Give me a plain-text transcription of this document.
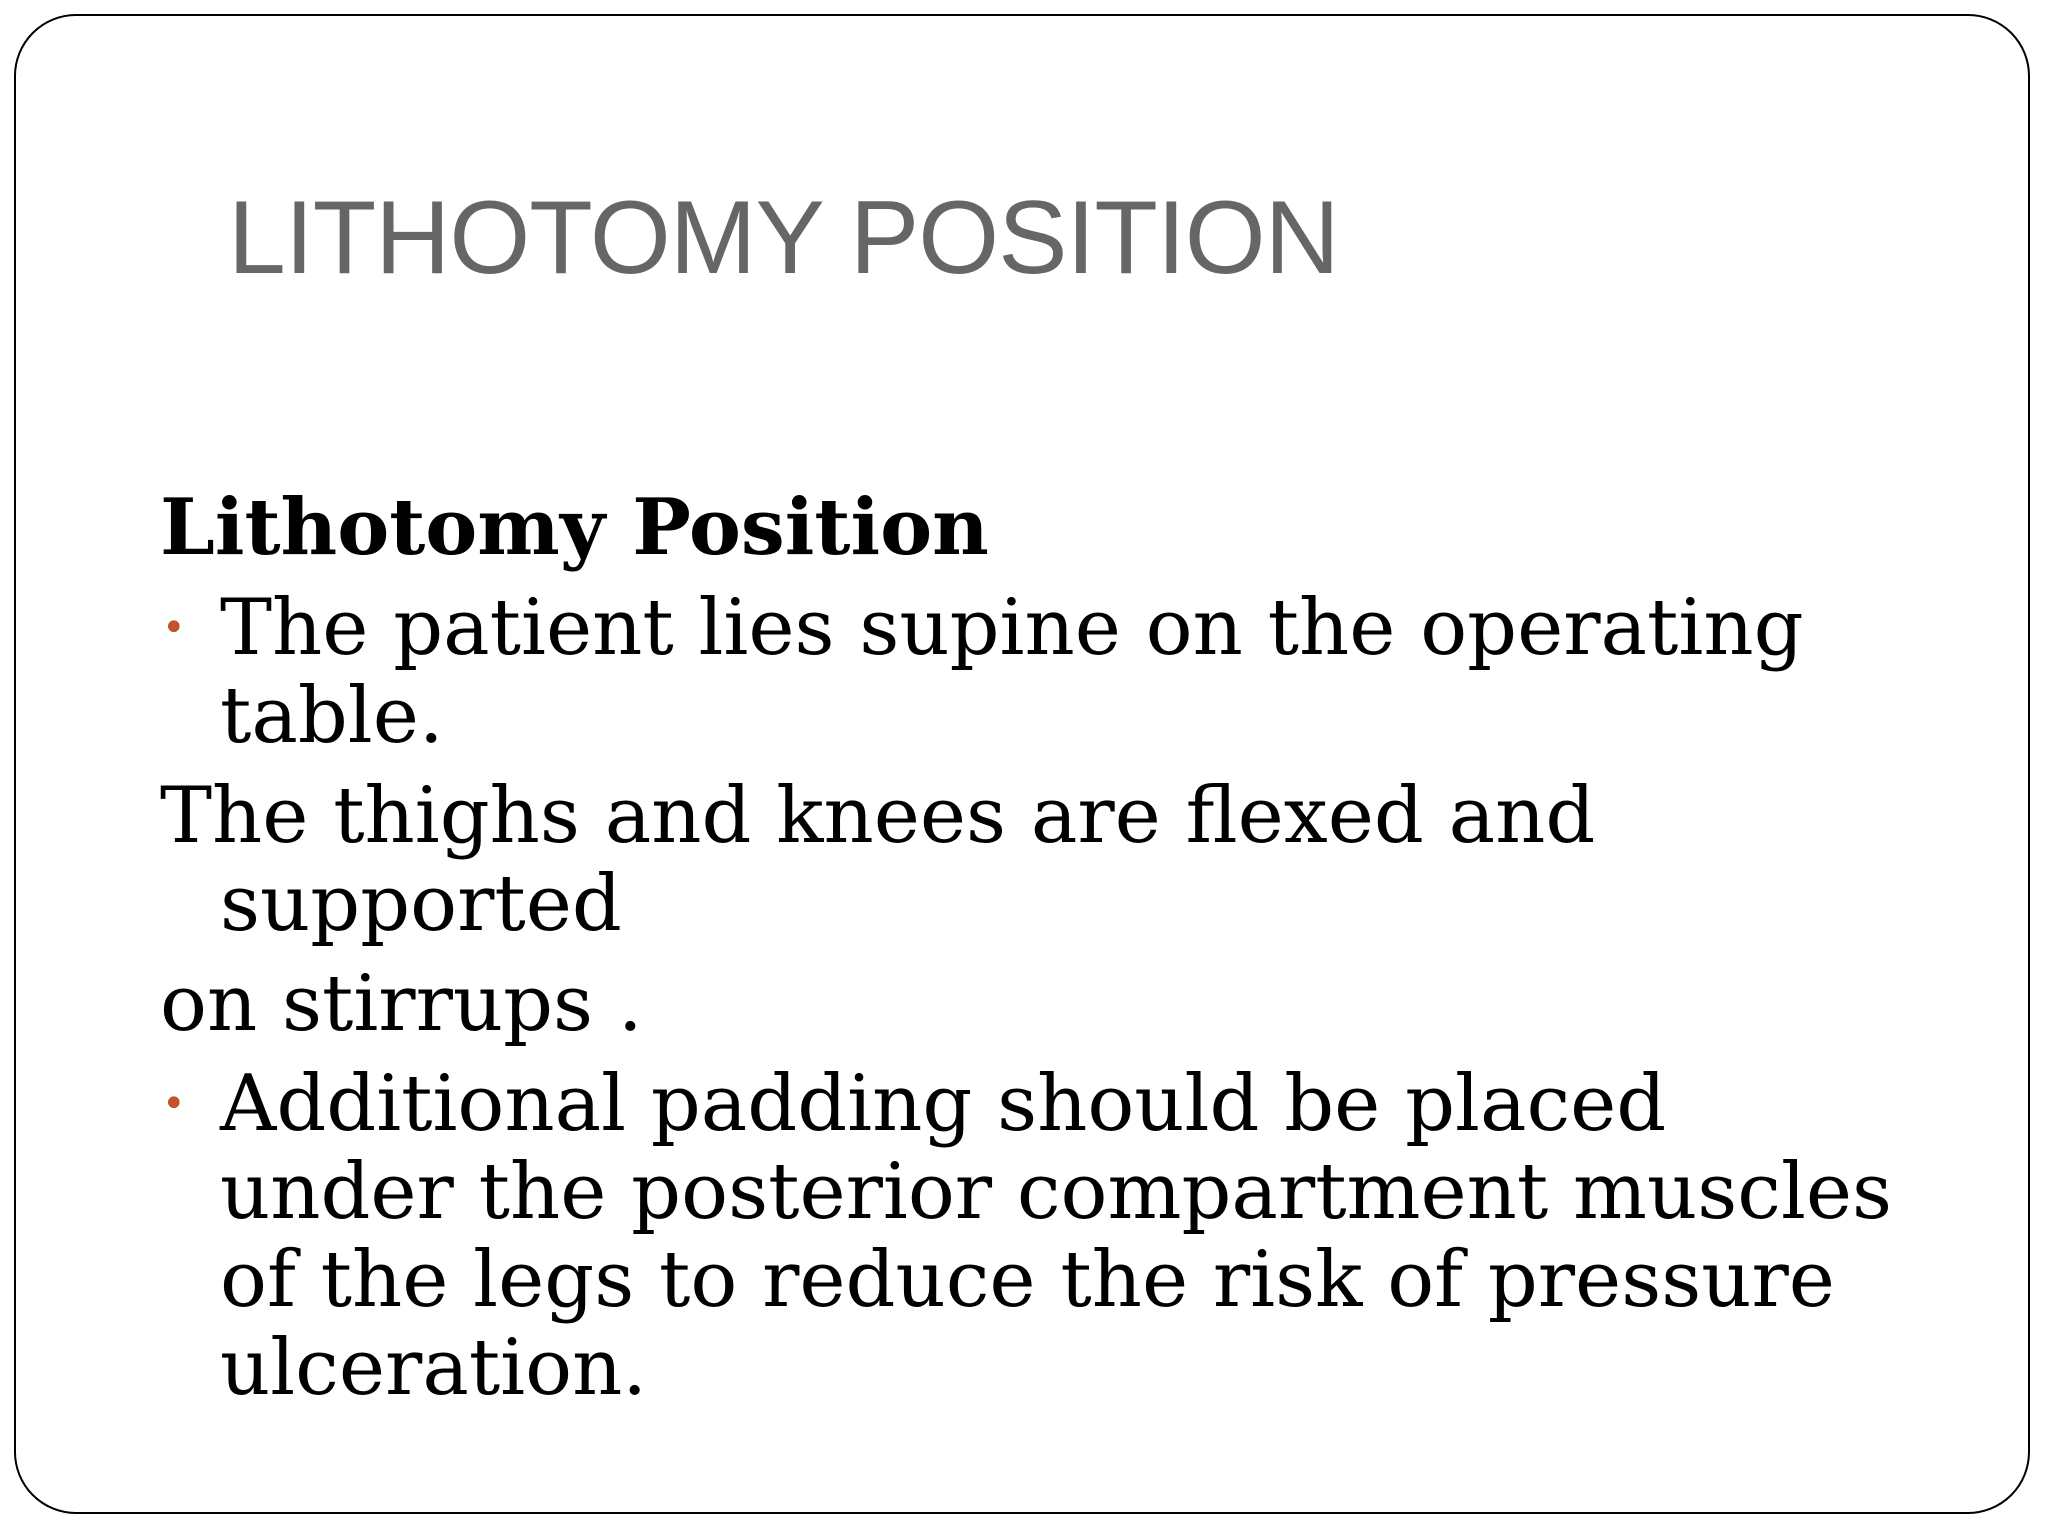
LITHOTOMY POSITION
Lithotomy Position
• The patient lies supine on the operating
table.
The thighs and knees are flexed and
supported
on stirrups .
• Additional padding should be placed
under the posterior compartment muscles
of the legs to reduce the risk of pressure
ulceration.
